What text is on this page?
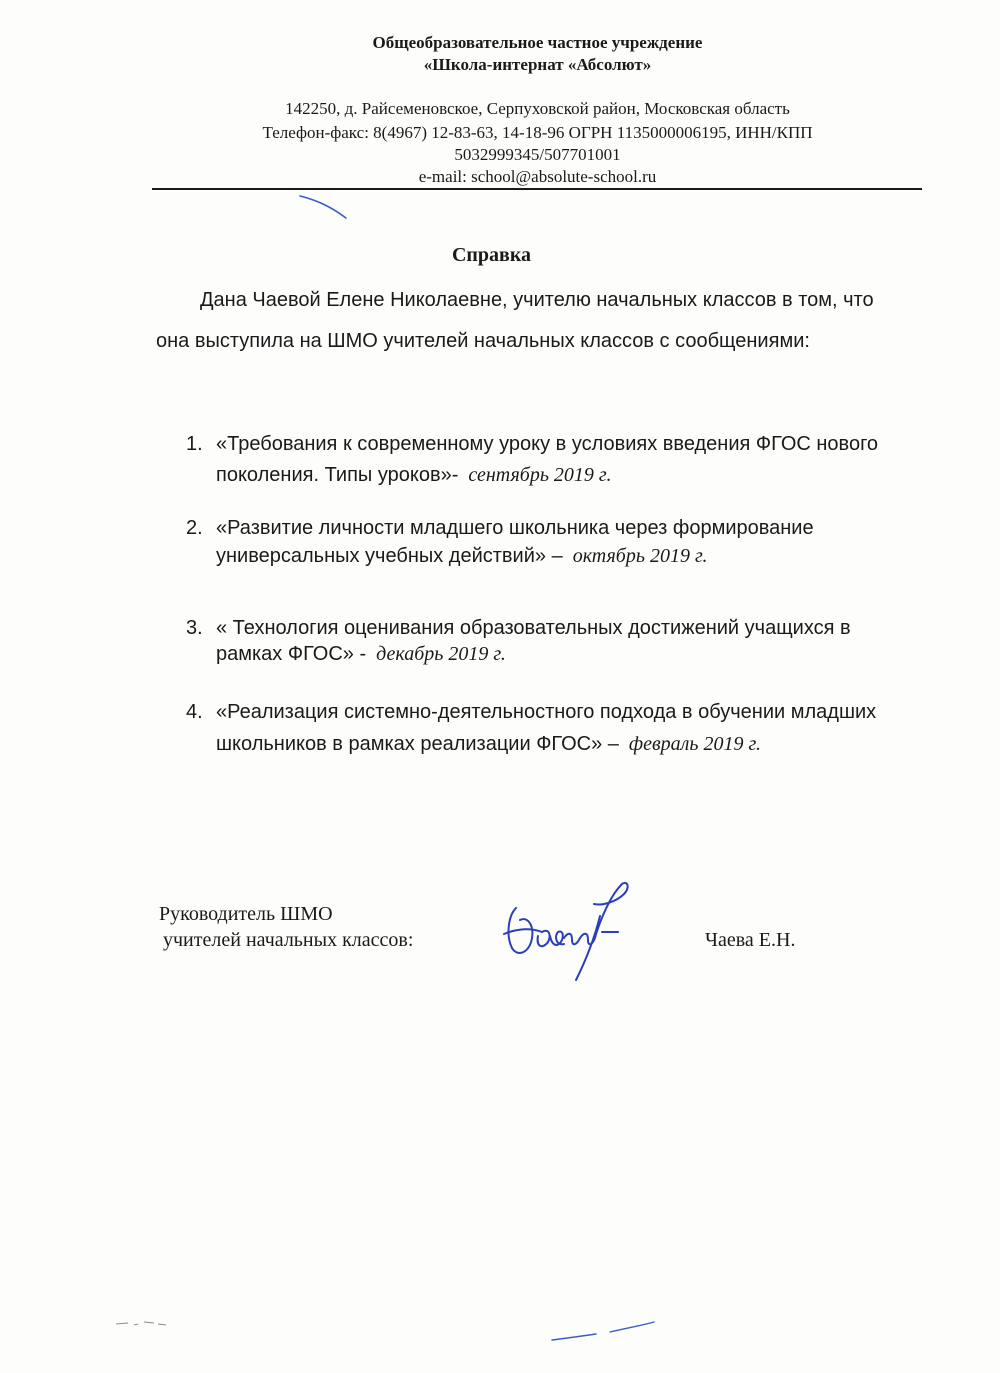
Общеобразовательное частное учреждение
«Школа-интернат «Абсолют»
142250, д. Райсеменовское, Серпуховской район, Московская область
Телефон-факс: 8(4967) 12-83-63, 14-18-96 ОГРН 1135000006195, ИНН/КПП
5032999345/507701001
e-mail: school@absolute-school.ru
Справка
Дана Чаевой Елене Николаевне, учителю начальных классов в том, что
она выступила на ШМО учителей начальных классов с сообщениями:
1. «Требования к современному уроку в условиях введения ФГОС нового
поколения. Типы уроков»- сентябрь 2019 г.
2. «Развитие личности младшего школьника через формирование
универсальных учебных действий» – октябрь 2019 г.
3. « Технология оценивания образовательных достижений учащихся в
рамках ФГОС» - декабрь 2019 г.
4. «Реализация системно-деятельностного подхода в обучении младших
школьников в рамках реализации ФГОС» – февраль 2019 г.
Руководитель ШМО
учителей начальных классов:	Чаева Е.Н.
